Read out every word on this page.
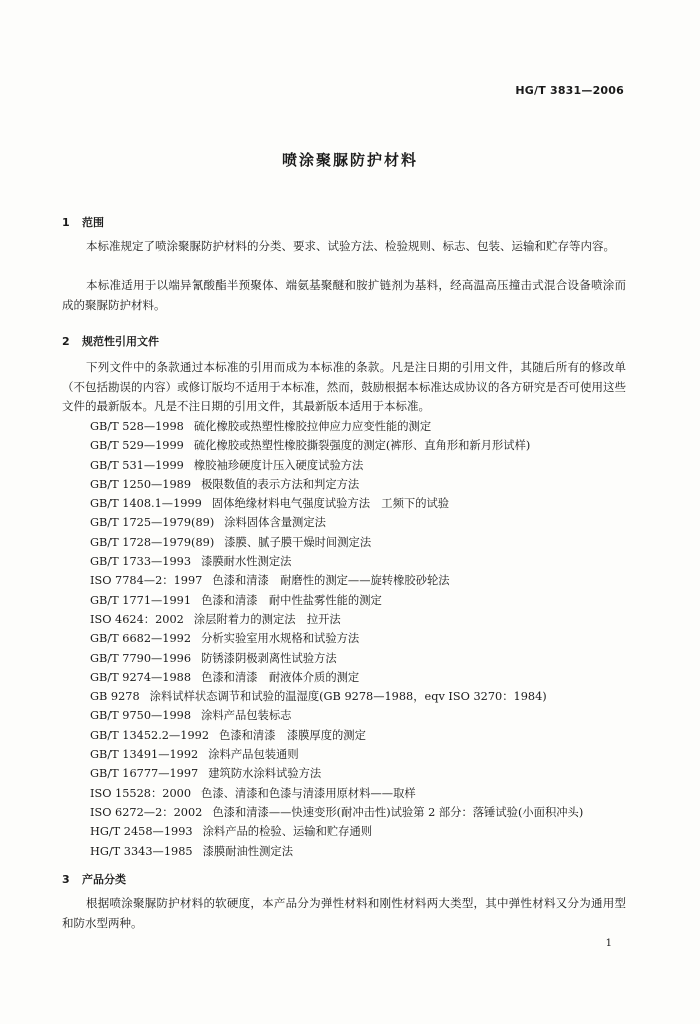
HG/T 3831—2006
喷涂聚脲防护材料
1 范围
本标准规定了喷涂聚脲防护材料的分类、要求、试验方法、检验规则、标志、包装、运输和贮存等内容。
本标准适用于以端异氰酸酯半预聚体、端氨基聚醚和胺扩链剂为基料，经高温高压撞击式混合设备喷涂而成的聚脲防护材料。
2 规范性引用文件
下列文件中的条款通过本标准的引用而成为本标准的条款。凡是注日期的引用文件，其随后所有的修改单（不包括勘误的内容）或修订版均不适用于本标准，然而，鼓励根据本标准达成协议的各方研究是否可使用这些文件的最新版本。凡是不注日期的引用文件，其最新版本适用于本标准。
GB/T 528—1998 硫化橡胶或热塑性橡胶拉伸应力应变性能的测定
GB/T 529—1999 硫化橡胶或热塑性橡胶撕裂强度的测定(裤形、直角形和新月形试样)
GB/T 531—1999 橡胶袖珍硬度计压入硬度试验方法
GB/T 1250—1989 极限数值的表示方法和判定方法
GB/T 1408.1—1999 固体绝缘材料电气强度试验方法　工频下的试验
GB/T 1725—1979(89) 涂料固体含量测定法
GB/T 1728—1979(89) 漆膜、腻子膜干燥时间测定法
GB/T 1733—1993 漆膜耐水性测定法
ISO 7784—2：1997 色漆和清漆　耐磨性的测定——旋转橡胶砂轮法
GB/T 1771—1991 色漆和清漆　耐中性盐雾性能的测定
ISO 4624：2002 涂层附着力的测定法　拉开法
GB/T 6682—1992 分析实验室用水规格和试验方法
GB/T 7790—1996 防锈漆阴极剥离性试验方法
GB/T 9274—1988 色漆和清漆　耐液体介质的测定
GB 9278 涂料试样状态调节和试验的温湿度(GB 9278—1988，eqv ISO 3270：1984)
GB/T 9750—1998 涂料产品包装标志
GB/T 13452.2—1992 色漆和清漆　漆膜厚度的测定
GB/T 13491—1992 涂料产品包装通则
GB/T 16777—1997 建筑防水涂料试验方法
ISO 15528：2000 色漆、清漆和色漆与清漆用原材料——取样
ISO 6272—2：2002 色漆和清漆——快速变形(耐冲击性)试验第 2 部分：落锤试验(小面积冲头)
HG/T 2458—1993 涂料产品的检验、运输和贮存通则
HG/T 3343—1985 漆膜耐油性测定法
3 产品分类
根据喷涂聚脲防护材料的软硬度，本产品分为弹性材料和刚性材料两大类型，其中弹性材料又分为通用型和防水型两种。
1
